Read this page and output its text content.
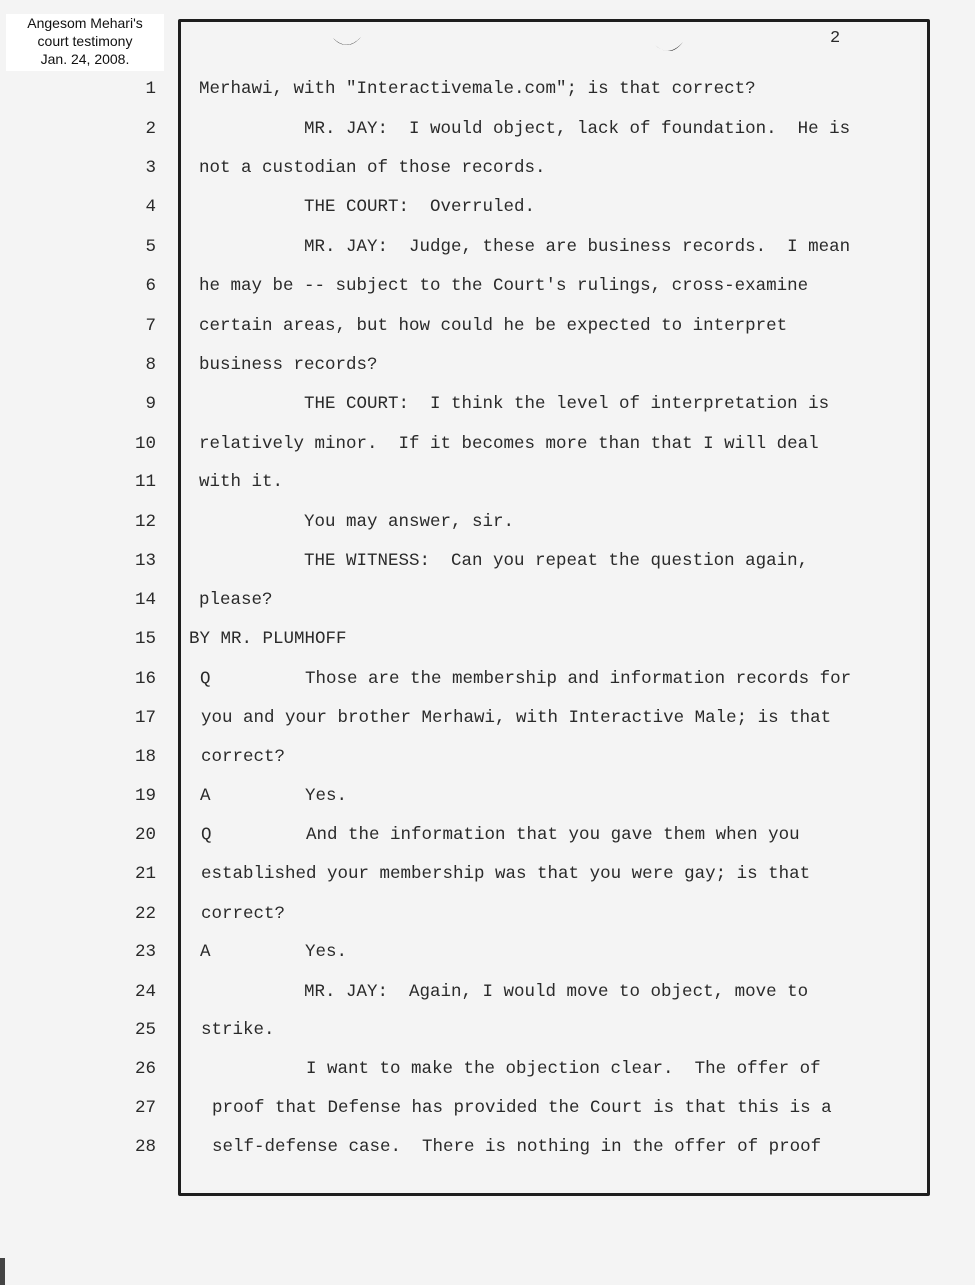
Angesom Mehari's
court testimony
Jan. 24, 2008.
2
1 Merhawi, with "Interactivemale.com"; is that correct?
2	MR. JAY:  I would object, lack of foundation.  He is
3 not a custodian of those records.
4	THE COURT:  Overruled.
5	MR. JAY:  Judge, these are business records.  I mean
6 he may be -- subject to the Court's rulings, cross-examine
7 certain areas, but how could he be expected to interpret
8 business records?
9	THE COURT:  I think the level of interpretation is
10 relatively minor.  If it becomes more than that I will deal
11 with it.
12	You may answer, sir.
13	THE WITNESS:  Can you repeat the question again,
14 please?
15 BY MR. PLUMHOFF
16	Q         Those are the membership and information records for
17	you and your brother Merhawi, with Interactive Male; is that
18	correct?
19	A         Yes.
20	Q         And the information that you gave them when you
21	established your membership was that you were gay; is that
22	correct?
23	A         Yes.
24	MR. JAY:  Again, I would move to object, move to
25	strike.
26	I want to make the objection clear.  The offer of
27	proof that Defense has provided the Court is that this is a
28	self-defense case.  There is nothing in the offer of proof
